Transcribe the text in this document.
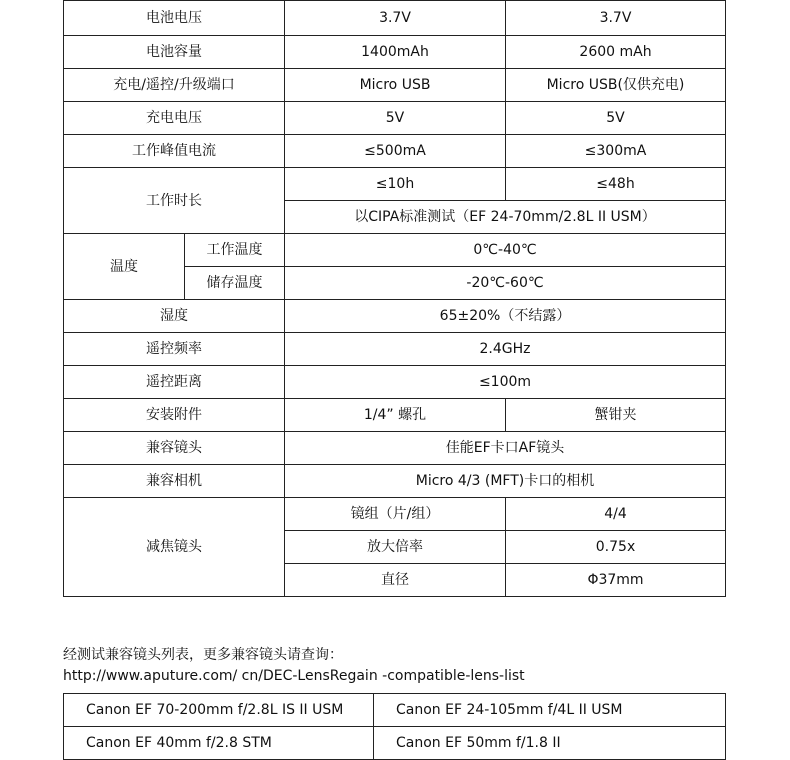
电池电压		3.7V	3.7V
电池容量		1400mAh	2600 mAh
充电/遥控/升级端口		Micro USB	Micro USB(仅供充电)
充电电压		5V	5V
工作峰值电流		≤500mA	≤300mA
工作时长		≤10h	≤48h
		以CIPA标准测试（EF 24-70mm/2.8L II USM）	
温度	工作温度	0℃-40℃	
	储存温度	-20℃-60℃	
湿度		65±20%（不结露）	
遥控频率		2.4GHz	
遥控距离		≤100m	
安装附件		1/4” 螺孔	蟹钳夹
兼容镜头		佳能EF卡口AF镜头	
兼容相机		Micro 4/3 (MFT)卡口的相机	
减焦镜头		镜组（片/组）	4/4
		放大倍率	0.75x
		直径	Φ37mm
经测试兼容镜头列表，更多兼容镜头请查询：
http://www.aputure.com/ cn/DEC-LensRegain -compatible-lens-list
Canon EF 70-200mm f/2.8L IS II USM	Canon EF 24-105mm f/4L II USM
Canon EF 40mm f/2.8 STM	Canon EF 50mm f/1.8 II
